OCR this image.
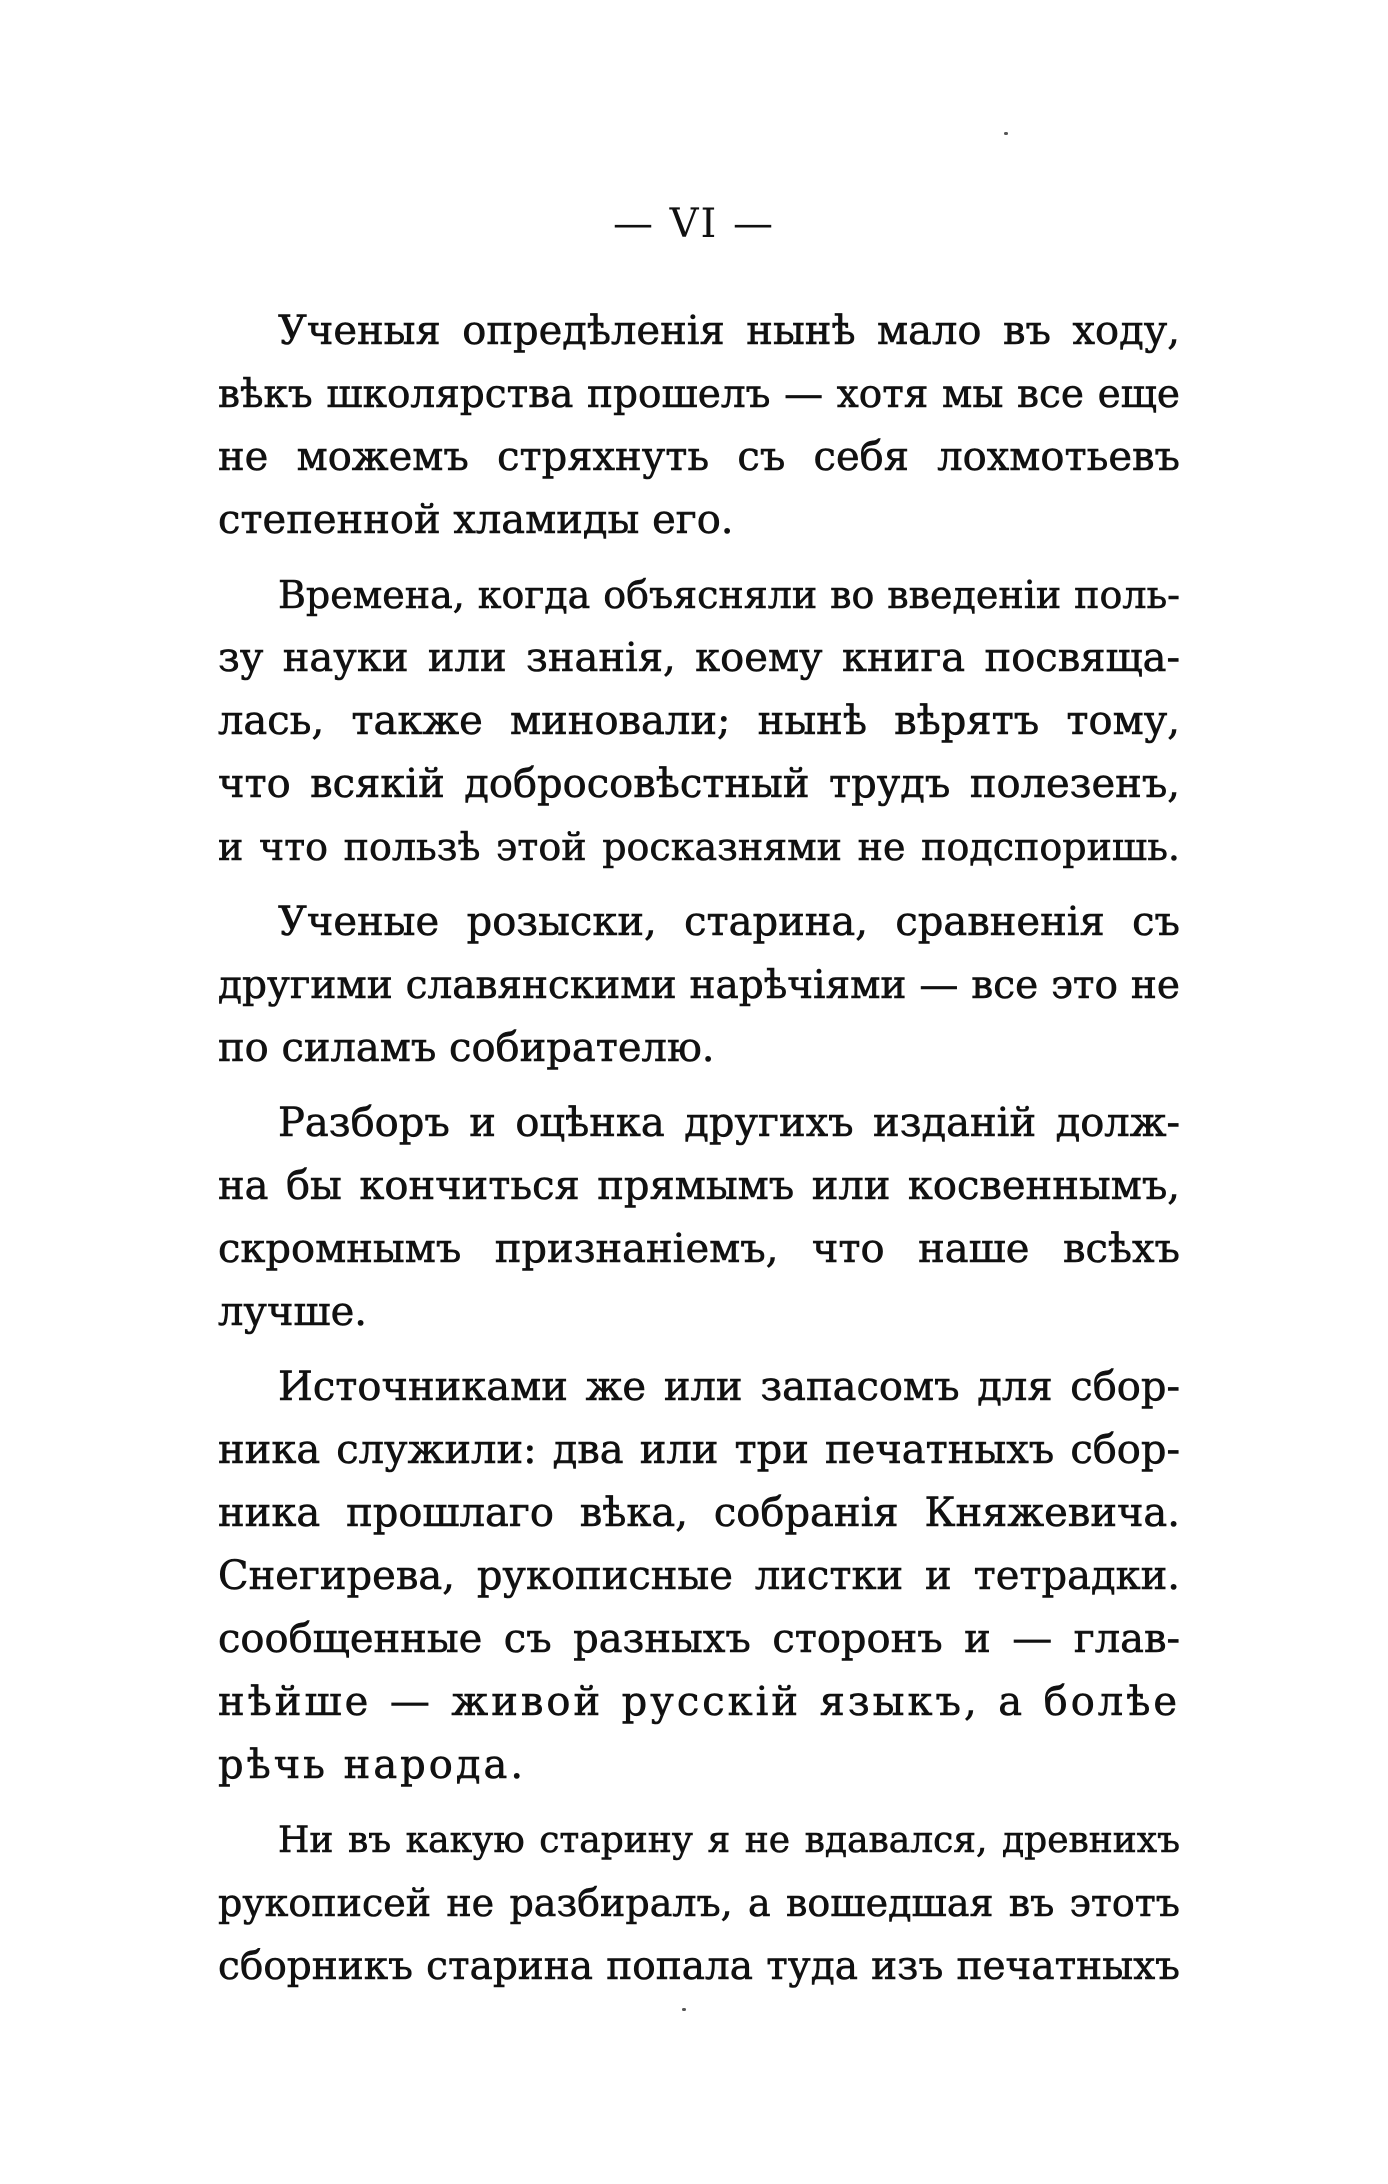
— VI —
Ученыя опредѣленія нынѣ мало въ ходу,
вѣкъ школярства прошелъ — хотя мы все еще
не можемъ стряхнуть съ себя лохмотьевъ
степенной хламиды его.
Времена, когда объясняли во введеніи поль-
зу науки или знанія, коему книга посвяща-
лась, также миновали; нынѣ вѣрятъ тому,
что всякій добросовѣстный трудъ полезенъ,
и что пользѣ этой росказнями не подспоришь.
Ученые розыски, старина, сравненія съ
другими славянскими нарѣчіями — все это не
по силамъ собирателю.
Разборъ и оцѣнка другихъ изданій долж-
на бы кончиться прямымъ или косвеннымъ,
скромнымъ признаніемъ, что наше всѣхъ
лучше.
Источниками же или запасомъ для сбор-
ника служили: два или три печатныхъ сбор-
ника прошлаго вѣка, собранія Княжевича.
Снегирева, рукописные листки и тетрадки.
сообщенные съ разныхъ сторонъ и — глав-
нѣйше — живой русскій языкъ, а болѣе
рѣчь народа.
Ни въ какую старину я не вдавался, древнихъ
рукописей не разбиралъ, а вошедшая въ этотъ
сборникъ старина попала туда изъ печатныхъ
